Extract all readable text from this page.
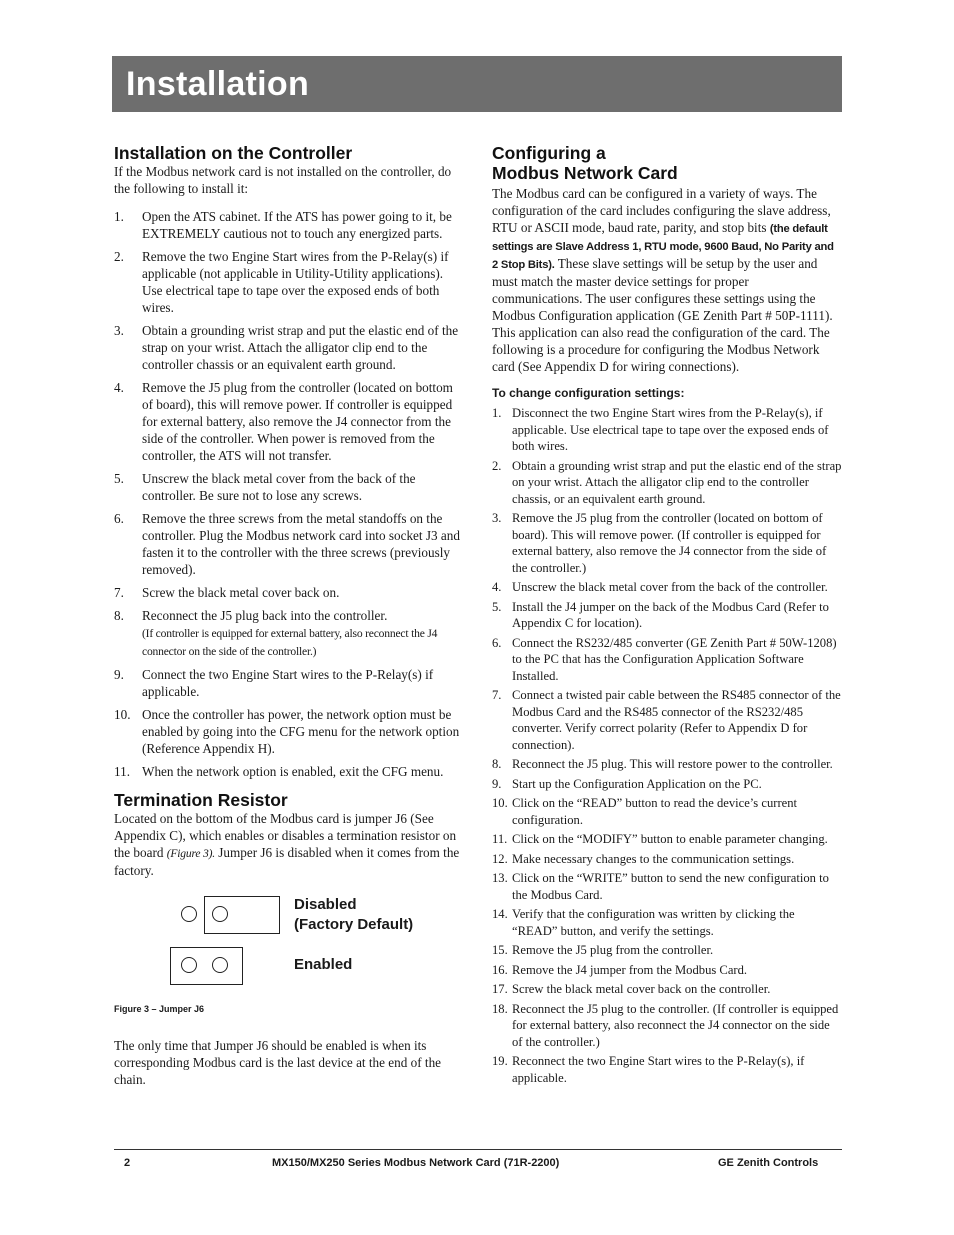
Installation
Installation on the Controller

If the Modbus network card is not installed on the controller, do the following to install it:

1. Open the ATS cabinet. If the ATS has power going to it, be EXTREMELY cautious not to touch any energized parts.
2. Remove the two Engine Start wires from the P-Relay(s) if applicable (not applicable in Utility-Utility applications). Use electrical tape to tape over the exposed ends of both wires.
3. Obtain a grounding wrist strap and put the elastic end of the strap on your wrist. Attach the alligator clip end to the controller chassis or an equivalent earth ground.
4. Remove the J5 plug from the controller (located on bottom of board), this will remove power. If controller is equipped for external battery, also remove the J4 connector from the side of the controller. When power is removed from the controller, the ATS will not transfer.
5. Unscrew the black metal cover from the back of the controller. Be sure not to lose any screws.
6. Remove the three screws from the metal standoffs on the controller. Plug the Modbus network card into socket J3 and fasten it to the controller with the three screws (previously removed).
7. Screw the black metal cover back on.
8. Reconnect the J5 plug back into the controller.
(If controller is equipped for external battery, also reconnect the J4 connector on the side of the controller.)
9. Connect the two Engine Start wires to the P-Relay(s) if applicable.
10. Once the controller has power, the network option must be enabled by going into the CFG menu for the network option (Reference Appendix H).
11. When the network option is enabled, exit the CFG menu.
Termination Resistor

Located on the bottom of the Modbus card is jumper J6 (See Appendix C), which enables or disables a termination resistor on the board (Figure 3). Jumper J6 is disabled when it comes from the factory.

Disabled
(Factory Default)
Enabled
Figure 3 – Jumper J6

The only time that Jumper J6 should be enabled is when its corresponding Modbus card is the last device at the end of the chain.

Configuring a
Modbus Network Card

The Modbus card can be configured in a variety of ways. The configuration of the card includes configuring the slave address, RTU or ASCII mode, baud rate, parity, and stop bits (the default settings are Slave Address 1, RTU mode, 9600 Baud, No Parity and 2 Stop Bits). These slave settings will be setup by the user and must match the master device settings for proper communications. The user configures these settings using the Modbus Configuration application (GE Zenith Part # 50P-1111). This application can also read the configuration of the card. The following is a procedure for configuring the Modbus Network card (See Appendix D for wiring connections).

To change configuration settings:
1. Disconnect the two Engine Start wires from the P-Relay(s), if applicable. Use electrical tape to tape over the exposed ends of both wires.
2. Obtain a grounding wrist strap and put the elastic end of the strap on your wrist. Attach the alligator clip end to the controller chassis, or an equivalent earth ground.
3. Remove the J5 plug from the controller (located on bottom of board). This will remove power. (If controller is equipped for external battery, also remove the J4 connector from the side of the controller.)
4. Unscrew the black metal cover from the back of the controller.
5. Install the J4 jumper on the back of the Modbus Card (Refer to Appendix C for location).
6. Connect the RS232/485 converter (GE Zenith Part # 50W-1208) to the PC that has the Configuration Application Software Installed.
7. Connect a twisted pair cable between the RS485 connector of the Modbus Card and the RS485 connector of the RS232/485 converter. Verify correct polarity (Refer to Appendix D for connection).
8. Reconnect the J5 plug. This will restore power to the controller.
9. Start up the Configuration Application on the PC.
10. Click on the “READ” button to read the device’s current configuration.
11. Click on the “MODIFY” button to enable parameter changing.
12. Make necessary changes to the communication settings.
13. Click on the “WRITE” button to send the new configuration to the Modbus Card.
14. Verify that the configuration was written by clicking the “READ” button, and verify the settings.
15. Remove the J5 plug from the controller.
16. Remove the J4 jumper from the Modbus Card.
17. Screw the black metal cover back on the controller.
18. Reconnect the J5 plug to the controller. (If controller is equipped for external battery, also reconnect the J4 connector on the side of the controller.)
19. Reconnect the two Engine Start wires to the P-Relay(s), if applicable.
2	MX150/MX250 Series Modbus Network Card (71R-2200)	GE Zenith Controls
